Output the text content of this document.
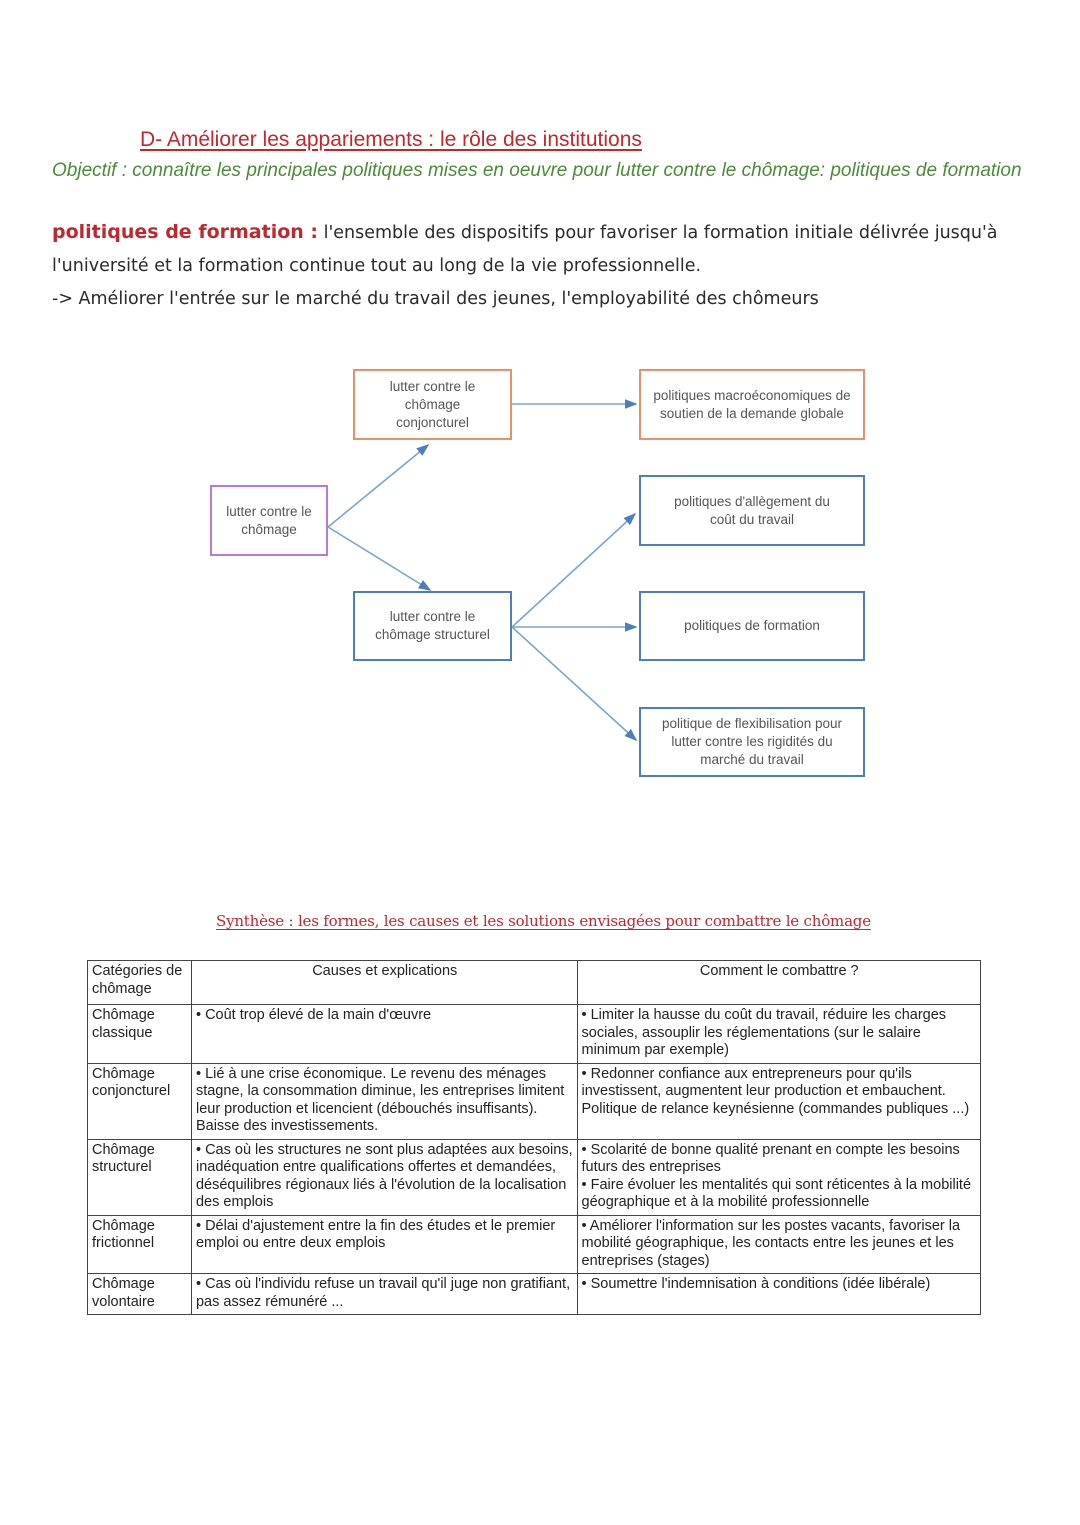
D- Améliorer les appariements : le rôle des institutions
Objectif : connaître les principales politiques mises en oeuvre pour lutter contre le chômage: politiques de formation
politiques de formation : l'ensemble des dispositifs pour favoriser la formation initiale délivrée jusqu'à l'université et la formation continue tout au long de la vie professionnelle.
-> Améliorer l'entrée sur le marché du travail des jeunes, l'employabilité des chômeurs
lutter contre le chômage
lutter contre le chômage conjoncturel
lutter contre le chômage structurel
politiques macroéconomiques de soutien de la demande globale
politiques d'allègement du coût du travail
politiques de formation
politique de flexibilisation pour lutter contre les rigidités du marché du travail
Synthèse : les formes, les causes et les solutions envisagées pour combattre le chômage
Catégories de chômage	Causes et explications	Comment le combattre ?
Chômage classique	• Coût trop élevé de la main d'œuvre	• Limiter la hausse du coût du travail, réduire les charges sociales, assouplir les réglementations (sur le salaire minimum par exemple)
Chômage conjoncturel	• Lié à une crise économique. Le revenu des ménages stagne, la consommation diminue, les entreprises limitent leur production et licencient (débouchés insuffisants). Baisse des investissements.	• Redonner confiance aux entrepreneurs pour qu'ils investissent, augmentent leur production et embauchent. Politique de relance keynésienne (commandes publiques ...)
Chômage structurel	• Cas où les structures ne sont plus adaptées aux besoins, inadéquation entre qualifications offertes et demandées, déséquilibres régionaux liés à l'évolution de la localisation des emplois	• Scolarité de bonne qualité prenant en compte les besoins futurs des entreprises
• Faire évoluer les mentalités qui sont réticentes à la mobilité géographique et à la mobilité professionnelle
Chômage frictionnel	• Délai d'ajustement entre la fin des études et le premier emploi ou entre deux emplois	• Améliorer l'information sur les postes vacants, favoriser la mobilité géographique, les contacts entre les jeunes et les entreprises (stages)
Chômage volontaire	• Cas où l'individu refuse un travail qu'il juge non gratifiant, pas assez rémunéré ...	• Soumettre l'indemnisation à conditions (idée libérale)
